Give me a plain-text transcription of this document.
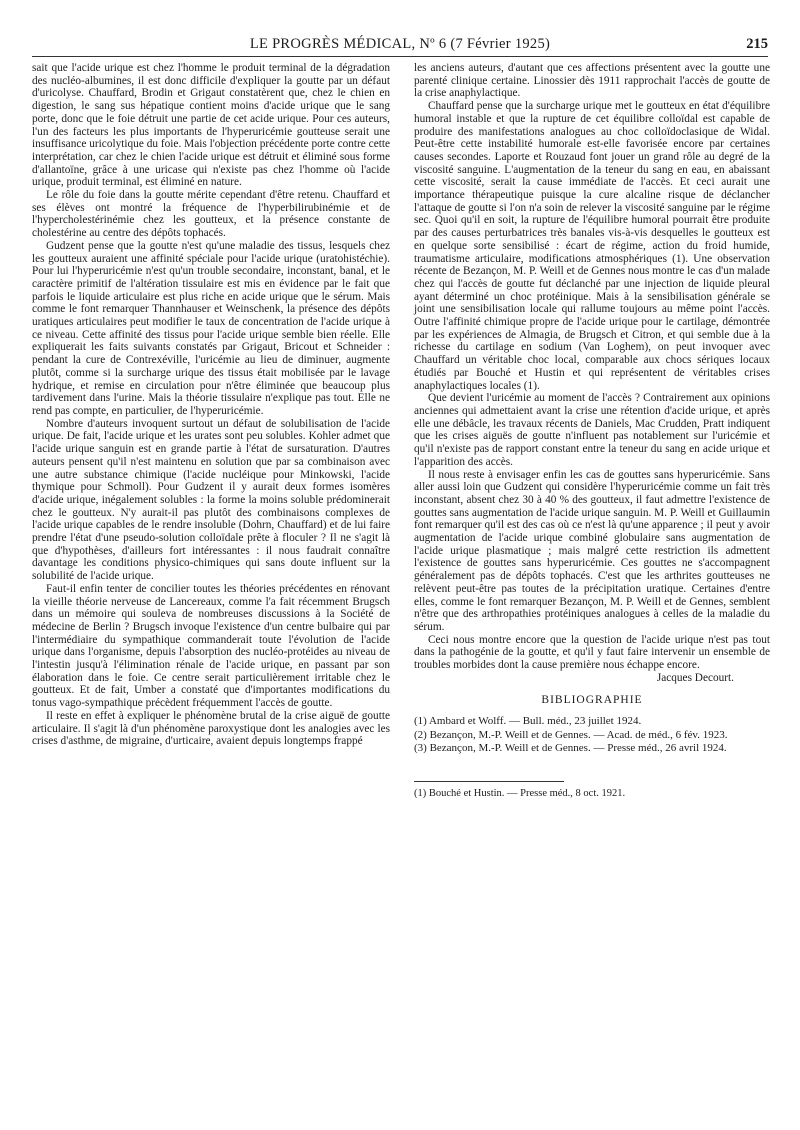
LE PROGRÈS MÉDICAL, Nº 6 (7 Février 1925)	215

sait que l'acide urique est chez l'homme le produit terminal de la dégradation des nucléo-albumines, il est donc difficile d'expliquer la goutte par un défaut d'uricolyse. Chauffard, Brodin et Grigaut constatèrent que, chez le chien en digestion, le sang sus hépatique contient moins d'acide urique que le sang porte, donc que le foie détruit une partie de cet acide urique. Pour ces auteurs, l'un des facteurs les plus importants de l'hyperuricémie goutteuse serait une insuffisance uricolytique du foie. Mais l'objection précédente porte contre cette interprétation, car chez le chien l'acide urique est détruit et éliminé sous forme d'allantoïne, grâce à une uricase qui n'existe pas chez l'homme où l'acide urique, produit terminal, est éliminé en nature.

Le rôle du foie dans la goutte mérite cependant d'être retenu. Chauffard et ses élèves ont montré la fréquence de l'hyperbilirubinémie et de l'hypercholestérinémie chez les goutteux, et la présence constante de cholestérine au centre des dépôts tophacés.

Gudzent pense que la goutte n'est qu'une maladie des tissus, lesquels chez les goutteux auraient une affinité spéciale pour l'acide urique (uratohistéchie). Pour lui l'hyperuricémie n'est qu'un trouble secondaire, inconstant, banal, et le caractère primitif de l'altération tissulaire est mis en évidence par le fait que parfois le liquide articulaire est plus riche en acide urique que le sérum. Mais comme le font remarquer Thannhauser et Weinschenk, la présence des dépôts uratiques articulaires peut modifier le taux de concentration de l'acide urique à ce niveau. Cette affinité des tissus pour l'acide urique semble bien réelle. Elle expliquerait les faits suivants constatés par Grigaut, Bricout et Schneider : pendant la cure de Contrexéville, l'uricémie au lieu de diminuer, augmente plutôt, comme si la surcharge urique des tissus était mobilisée par le lavage hydrique, et remise en circulation pour n'être éliminée que beaucoup plus tardivement dans l'urine. Mais la théorie tissulaire n'explique pas tout. Elle ne rend pas compte, en particulier, de l'hyperuricémie.

Nombre d'auteurs invoquent surtout un défaut de solubilisation de l'acide urique. De fait, l'acide urique et les urates sont peu solubles. Kohler admet que l'acide urique sanguin est en grande partie à l'état de sursaturation. D'autres auteurs pensent qu'il n'est maintenu en solution que par sa combinaison avec une autre substance chimique (l'acide nucléique pour Minkowski, l'acide thymique pour Schmoll). Pour Gudzent il y aurait deux formes isomères d'acide urique, inégalement solubles : la forme la moins soluble prédominerait chez le goutteux. N'y aurait-il pas plutôt des combinaisons complexes de l'acide urique capables de le rendre insoluble (Dohrn, Chauffard) et de lui faire prendre l'état d'une pseudo-solution colloïdale prête à floculer ? Il ne s'agit là que d'hypothèses, d'ailleurs fort intéressantes : il nous faudrait connaître davantage les conditions physico-chimiques qui sans doute influent sur la solubilité de l'acide urique.

Faut-il enfin tenter de concilier toutes les théories précédentes en rénovant la vieille théorie nerveuse de Lancereaux, comme l'a fait récemment Brugsch dans un mémoire qui souleva de nombreuses discussions à la Société de médecine de Berlin ? Brugsch invoque l'existence d'un centre bulbaire qui par l'intermédiaire du sympathique commanderait toute l'évolution de l'acide urique dans l'organisme, depuis l'absorption des nucléo-protéides au niveau de l'intestin jusqu'à l'élimination rénale de l'acide urique, en passant par son élaboration dans le foie. Ce centre serait particulièrement irritable chez le goutteux. Et de fait, Umber a constaté que d'importantes modifications du tonus vago-sympathique précèdent fréquemment l'accès de goutte.

Il reste en effet à expliquer le phénomène brutal de la crise aiguë de goutte articulaire. Il s'agit là d'un phénomène paroxystique dont les analogies avec les crises d'asthme, de migraine, d'urticaire, avaient depuis longtemps frappé

les anciens auteurs, d'autant que ces affections présentent avec la goutte une parenté clinique certaine. Linossier dès 1911 rapprochait l'accès de goutte de la crise anaphylactique.

Chauffard pense que la surcharge urique met le goutteux en état d'équilibre humoral instable et que la rupture de cet équilibre colloïdal est capable de produire des manifestations analogues au choc colloïdoclasique de Widal. Peut-être cette instabilité humorale est-elle favorisée encore par certaines causes secondes. Laporte et Rouzaud font jouer un grand rôle au degré de la viscosité sanguine. L'augmentation de la teneur du sang en eau, en abaissant cette viscosité, serait la cause immédiate de l'accès. Et ceci aurait une importance thérapeutique puisque la cure alcaline risque de déclancher l'attaque de goutte si l'on n'a soin de relever la viscosité sanguine par le régime sec. Quoi qu'il en soit, la rupture de l'équilibre humoral pourrait être produite par des causes perturbatrices très banales vis-à-vis desquelles le goutteux est en quelque sorte sensibilisé : écart de régime, action du froid humide, traumatisme articulaire, modifications atmosphériques (1). Une observation récente de Bezançon, M. P. Weill et de Gennes nous montre le cas d'un malade chez qui l'accès de goutte fut déclanché par une injection de liquide pleural ayant déterminé un choc protéinique. Mais à la sensibilisation générale se joint une sensibilisation locale qui rallume toujours au même point l'accès. Outre l'affinité chimique propre de l'acide urique pour le cartilage, démontrée par les expériences de Almagia, de Brugsch et Citron, et qui semble due à la richesse du cartilage en sodium (Van Loghem), on peut invoquer avec Chauffard un véritable choc local, comparable aux chocs sériques locaux étudiés par Bouché et Hustin et qui représentent de véritables crises anaphylactiques locales (1).

Que devient l'uricémie au moment de l'accès ? Contrairement aux opinions anciennes qui admettaient avant la crise une rétention d'acide urique, et après elle une débâcle, les travaux récents de Daniels, Mac Crudden, Pratt indiquent que les crises aiguës de goutte n'influent pas notablement sur l'uricémie et qu'il n'existe pas de rapport constant entre la teneur du sang en acide urique et l'apparition des accès.

Il nous reste à envisager enfin les cas de gouttes sans hyperuricémie. Sans aller aussi loin que Gudzent qui considère l'hyperuricémie comme un fait très inconstant, absent chez 30 à 40 % des goutteux, il faut admettre l'existence de gouttes sans augmentation de l'acide urique sanguin. M. P. Weill et Guillaumin font remarquer qu'il est des cas où ce n'est là qu'une apparence ; il peut y avoir augmentation de l'acide urique combiné globulaire sans augmentation de l'acide urique plasmatique ; mais malgré cette restriction ils admettent l'existence de gouttes sans hyperuricémie. Ces gouttes ne s'accompagnent généralement pas de dépôts tophacés. C'est que les arthrites goutteuses ne relèvent peut-être pas toutes de la précipitation uratique. Certaines d'entre elles, comme le font remarquer Bezançon, M. P. Weill et de Gennes, semblent n'être que des arthropathies protéiniques analogues à celles de la maladie du sérum.

Ceci nous montre encore que la question de l'acide urique n'est pas tout dans la pathogénie de la goutte, et qu'il y faut faire intervenir un ensemble de troubles morbides dont la cause première nous échappe encore.

Jacques Decourt.

BIBLIOGRAPHIE

(1) Ambard et Wolff. — Bull. méd., 23 juillet 1924.

(2) Bezançon, M.-P. Weill et de Gennes. — Acad. de méd., 6 fév. 1923.

(3) Bezançon, M.-P. Weill et de Gennes. — Presse méd., 26 avril 1924.

(1) Bouché et Hustin. — Presse méd., 8 oct. 1921.
